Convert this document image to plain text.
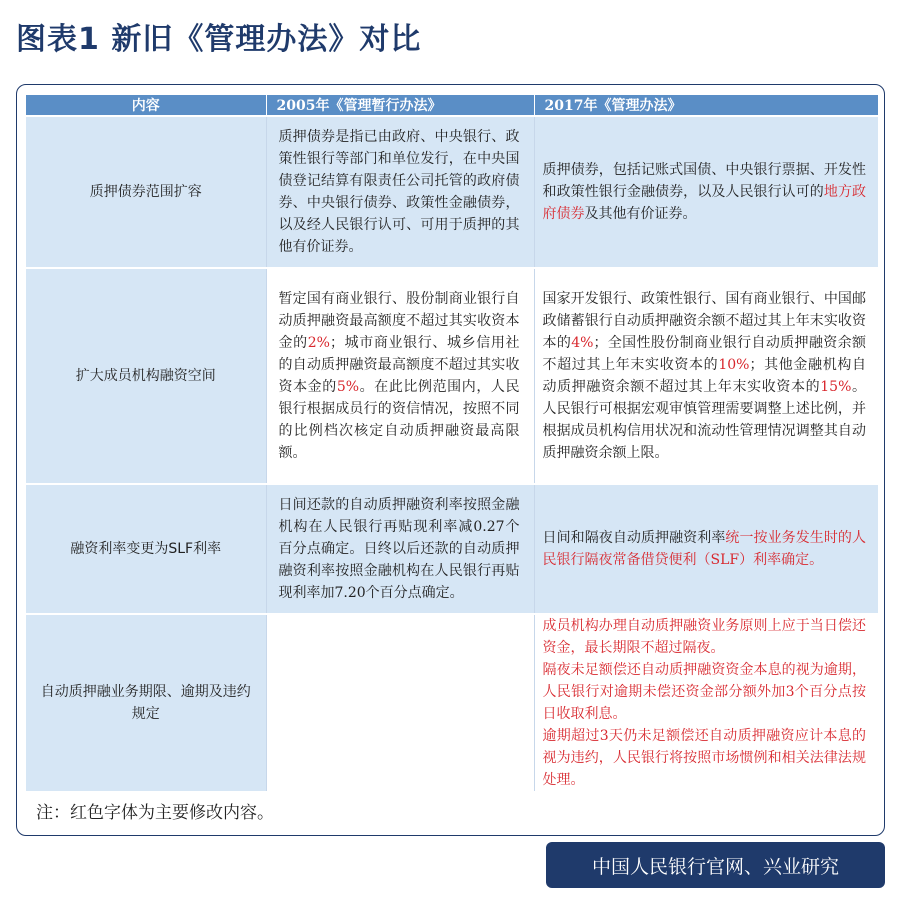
图表1 新旧《管理办法》对比
内容	2005年《管理暂行办法》	2017年《管理办法》
质押债券范围扩容	质押债券是指已由政府、中央银行、政策性银行等部门和单位发行，在中央国债登记结算有限责任公司托管的政府债券、中央银行债券、政策性金融债券，以及经人民银行认可、可用于质押的其他有价证券。	质押债券，包括记账式国债、中央银行票据、开发性和政策性银行金融债券，以及人民银行认可的地方政府债券及其他有价证券。
扩大成员机构融资空间	暂定国有商业银行、股份制商业银行自动质押融资最高额度不超过其实收资本金的2%；城市商业银行、城乡信用社的自动质押融资最高额度不超过其实收资本金的5%。在此比例范围内，人民银行根据成员行的资信情况，按照不同的比例档次核定自动质押融资最高限额。	国家开发银行、政策性银行、国有商业银行、中国邮政储蓄银行自动质押融资余额不超过其上年末实收资本的4%；全国性股份制商业银行自动质押融资余额不超过其上年末实收资本的10%；其他金融机构自动质押融资余额不超过其上年末实收资本的15%。人民银行可根据宏观审慎管理需要调整上述比例，并根据成员机构信用状况和流动性管理情况调整其自动质押融资余额上限。
融资利率变更为SLF利率	日间还款的自动质押融资利率按照金融机构在人民银行再贴现利率减0.27个百分点确定。日终以后还款的自动质押融资利率按照金融机构在人民银行再贴现利率加7.20个百分点确定。	日间和隔夜自动质押融资利率统一按业务发生时的人民银行隔夜常备借贷便利（SLF）利率确定。
自动质押融业务期限、逾期及违约规定		成员机构办理自动质押融资业务原则上应于当日偿还资金，最长期限不超过隔夜。
隔夜未足额偿还自动质押融资资金本息的视为逾期，人民银行对逾期未偿还资金部分额外加3个百分点按日收取利息。
逾期超过3天仍未足额偿还自动质押融资应计本息的视为违约，人民银行将按照市场惯例和相关法律法规处理。

注：红色字体为主要修改内容。

中国人民银行官网、兴业研究
